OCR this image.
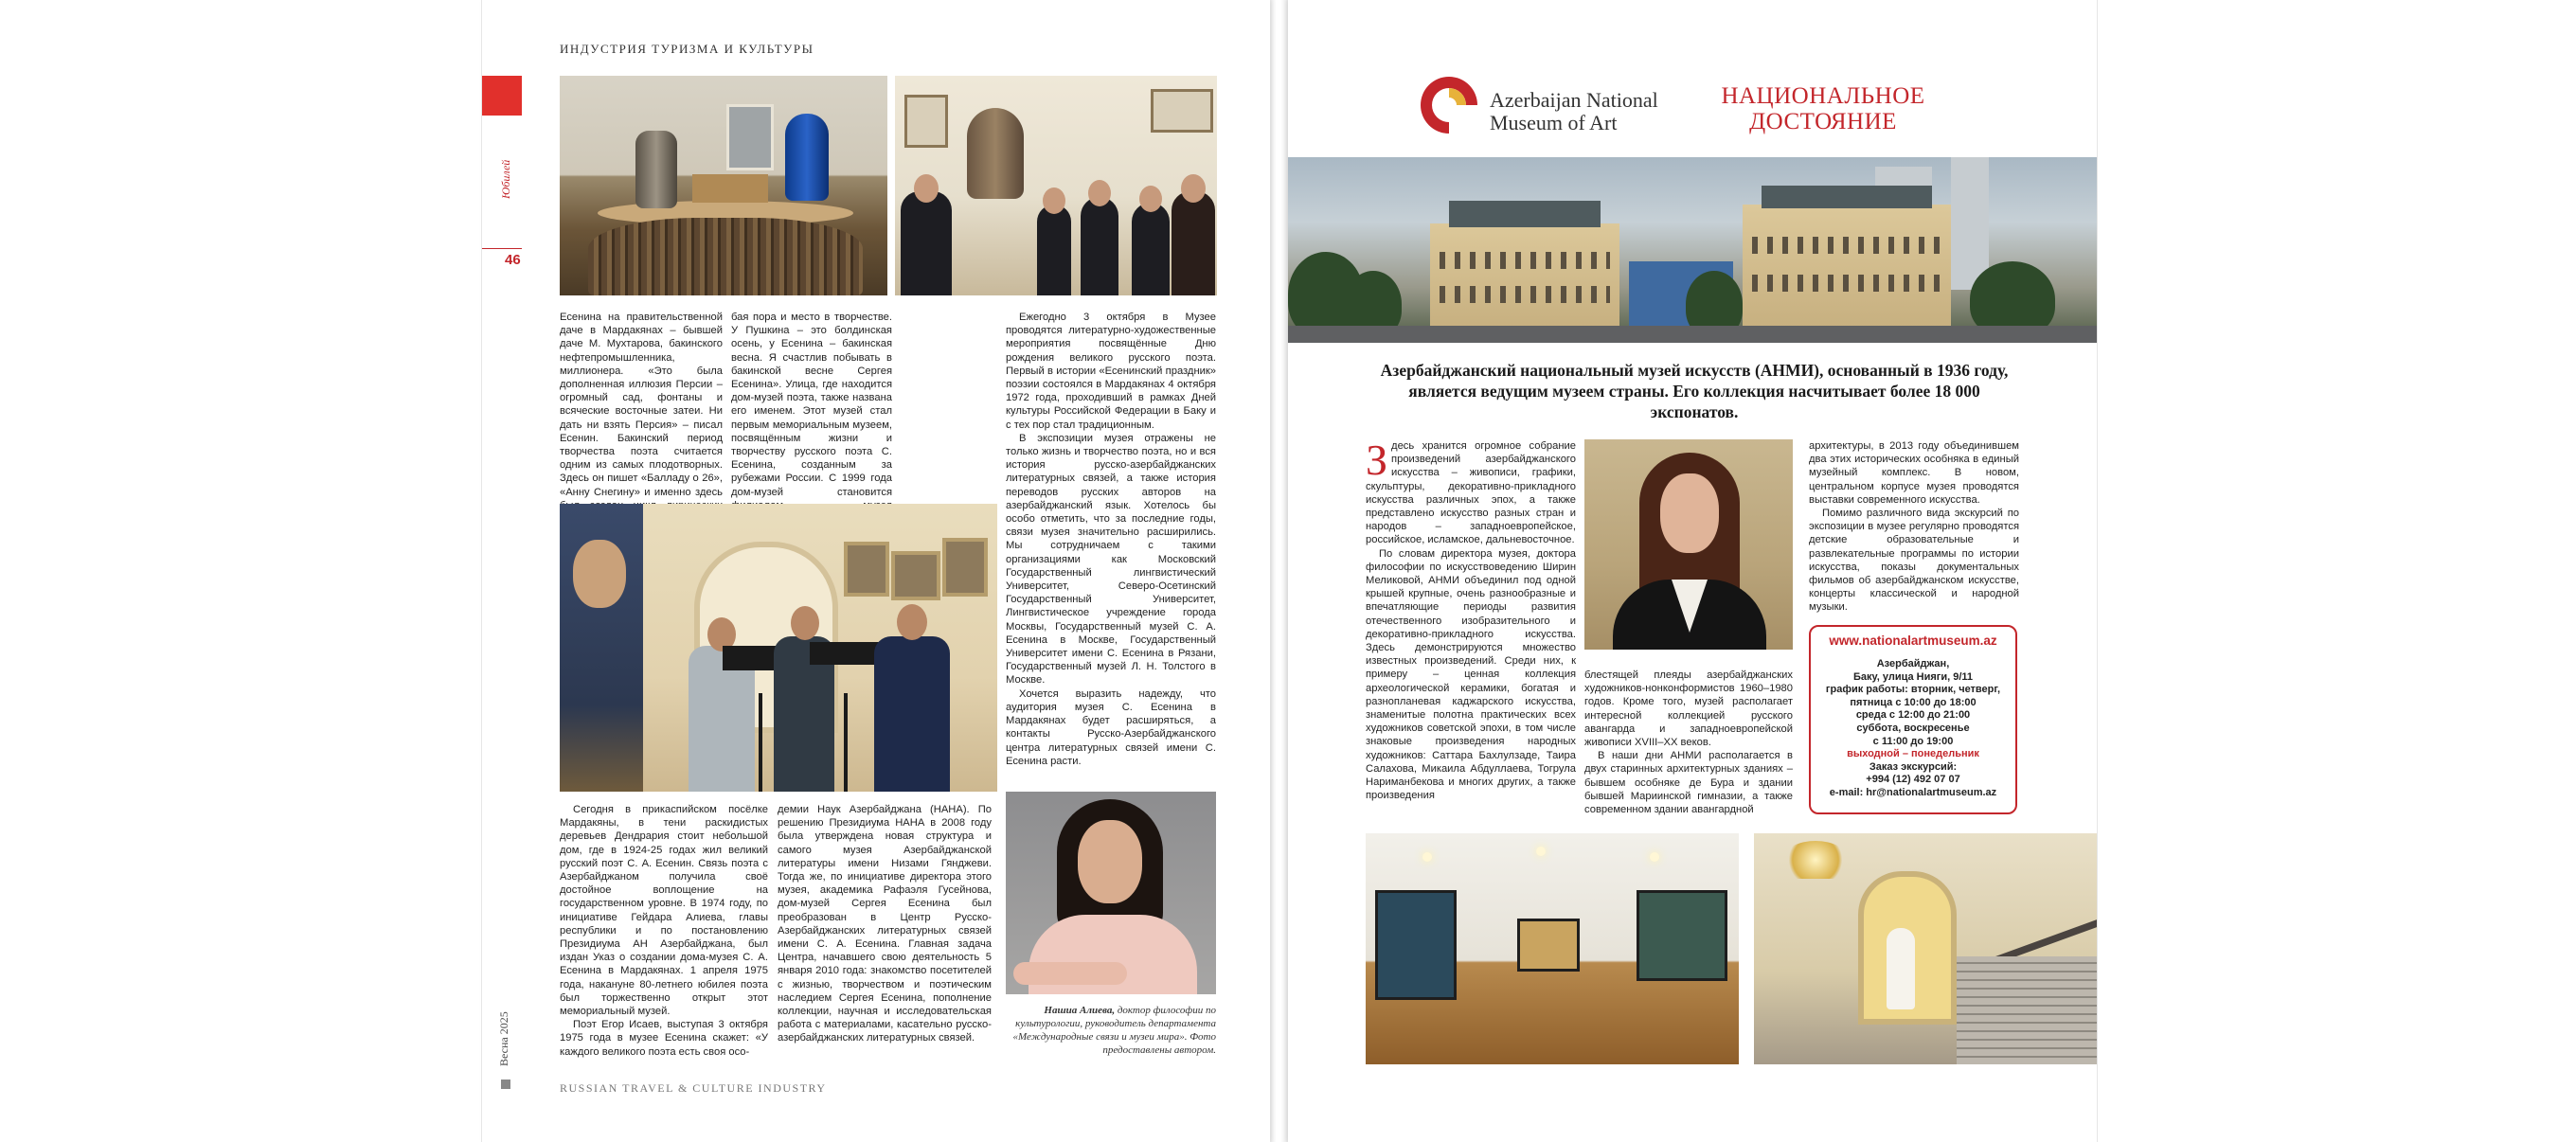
ИНДУСТРИЯ ТУРИЗМА И КУЛЬТУРЫ
Юбилей
46

Есенина на правительственной даче в Мардакянах – бывшей даче М. Мухтарова, бакинского нефтепромышленника, миллионера. «Это была дополненная иллюзия Персии – огромный сад, фонтаны и всяческие восточные затеи. Ни дать ни взять Персия» – писал Есенин. Бакинский период творчества поэта считается одним из самых плодотворных. Здесь он пишет «Балладу о 26», «Анну Снегину» и именно здесь

бая пора и место в творчестве. У Пушкина – это болдинская осень, у Есенина – бакинская весна. Я счастлив побывать в бакинской весне Сергея Есенина». Улица, где находится дом-музей поэта, также названа его именем. Этот музей стал первым мемориальным музеем, посвящённым жизни и творчеству русского поэта С. Есенина, созданным за рубежами России. С 1999 года дом-музей становится

Ежегодно 3 октября в Музее проводятся литературно-художественные мероприятия посвящённые Дню рождения великого русского поэта. Первый в истории «Есенинский праздник» поэзии состоялся в Мардакянах 4 октября 1972 года, проходивший в рамках Дней культуры Российской Федерации в Баку и с тех пор стал традиционным.

В экспозиции музея отражены не только жизнь и творчество поэта, но и вся история русско-азербайджанских литературных связей, а также история переводов русских авторов на азербайджанский язык. Хотелось бы особо отметить, что за последние годы, связи музея значительно расширились. Мы сотрудничаем с такими организациями как Московский Государственный лингвистический Университет, Северо-Осетинский Государственный Университет, Лингвистическое учреждение города Москвы, Государственный музей С. А. Есенина в Москве, Государственный Университет имени С. Есенина в Рязани, Государственный музей Л. Н. Толстого в Москве.

Хочется выразить надежду, что аудитория музея С. Есенина в Мардакянах будет расширяться, а контакты Русско-Азербайджанского центра литературных связей имени С. Есенина расти.

Сегодня в прикаспийском посёлке Мардакяны, в тени раскидистых деревьев Дендрария стоит небольшой дом, где в 1924-25 годах жил великий русский поэт С. А. Есенин. Связь поэта с Азербайджаном получила своё достойное воплощение на государственном уровне. В 1974 году, по инициативе Гейдара Алиева, главы республики и по постановлению Президиума АН Азербайджана, был издан Указ о создании дома-музея С. А. Есенина в Мардакянах. 1 апреля 1975 года, накануне 80-летнего юбилея поэта был торжественно открыт этот мемориальный музей.

Поэт Егор Исаев, выступая 3 октября 1975 года в музее Есенина скажет: «У каждого великого поэта есть своя осо-

демии Наук Азербайджана (НАНА). По решению Президиума НАНА в 2008 году была утверждена новая структура и самого музея Азербайджанской литературы имени Низами Гянджеви. Тогда же, по инициативе директора этого музея, академика Рафаэля Гусейнова, дом-музей Сергея Есенина был преобразован в Центр Русско-Азербайджанских литературных связей имени С. А. Есенина. Главная задача Центра, начавшего свою деятельность 5 января 2010 года: знакомство посетителей с жизнью, творчеством и поэтическим наследием Сергея Есенина, пополнение коллекции, научная и исследовательская работа с материалами, касательно русско-азербайджанских литературных связей.

Нашиа Алиева, доктор философии по культурологии, руководитель департамента «Международные связи и музеи мира». Фото предоставлены автором.
Весна 2025
RUSSIAN TRAVEL & CULTURE INDUSTRY
Azerbaijan National Museum of Art
НАЦИОНАЛЬНОЕ ДОСТОЯНИЕ
Азербайджанский национальный музей искусств (АНМИ), основанный в 1936 году, является ведущим музеем страны. Его коллекция насчитывает более 18 000 экспонатов.

Здесь хранится огромное собрание произведений азербайджанского искусства – живописи, графики, скульптуры, декоративно-прикладного искусства различных эпох, а также представлено искусство разных стран и народов – западноевропейское, российское, исламское, дальневосточное.

По словам директора музея, доктора философии по искусствоведению Ширин Меликовой, АНМИ объединил под одной крышей крупные, очень разнообразные и впечатляющие периоды развития отечественного изобразительного и декоративно-прикладного искусства. Здесь демонстрируются множество известных произведений. Среди них, к примеру – ценная коллекция археологической керамики, богатая и разнопланевая каджарского искусства, знаменитые полотна практических всех художников советской эпохи, в том числе знаковые произведения народных художников: Саттара Бахлулзаде, Таира Салахова, Микаила Абдуллаева, Тогрула Нариманбекова и многих других, а также произведения

блестящей плеяды азербайджанских художников-нонконформистов 1960–1980 годов. Кроме того, музей располагает интересной коллекцией русского авангарда и западноевропейской живописи XVIII–XX веков.

В наши дни АНМИ располагается в двух старинных архитектурных зданиях – бывшем особняке де Бура и здании бывшей Мариинской гимназии, а также современном здании авангардной

архитектуры, в 2013 году объединившем два этих исторических особняка в единый музейный комплекс. В новом, центральном корпусе музея проводятся выставки современного искусства.

Помимо различного вида экскурсий по экспозиции в музее регулярно проводятся детские образовательные и развлекательные программы по истории искусства, показы документальных фильмов об азербайджанском искусстве, концерты классической и народной музыки.

www.nationalartmuseum.az
Азербайджан,
Баку, улица Нияги, 9/11
график работы: вторник, четверг,
пятница с 10:00 до 18:00
среда с 12:00 до 21:00
суббота, воскресенье
с 11:00 до 19:00
выходной – понедельник
Заказ экскурсий:
+994 (12) 492 07 07
e-mail: hr@nationalartmuseum.az
